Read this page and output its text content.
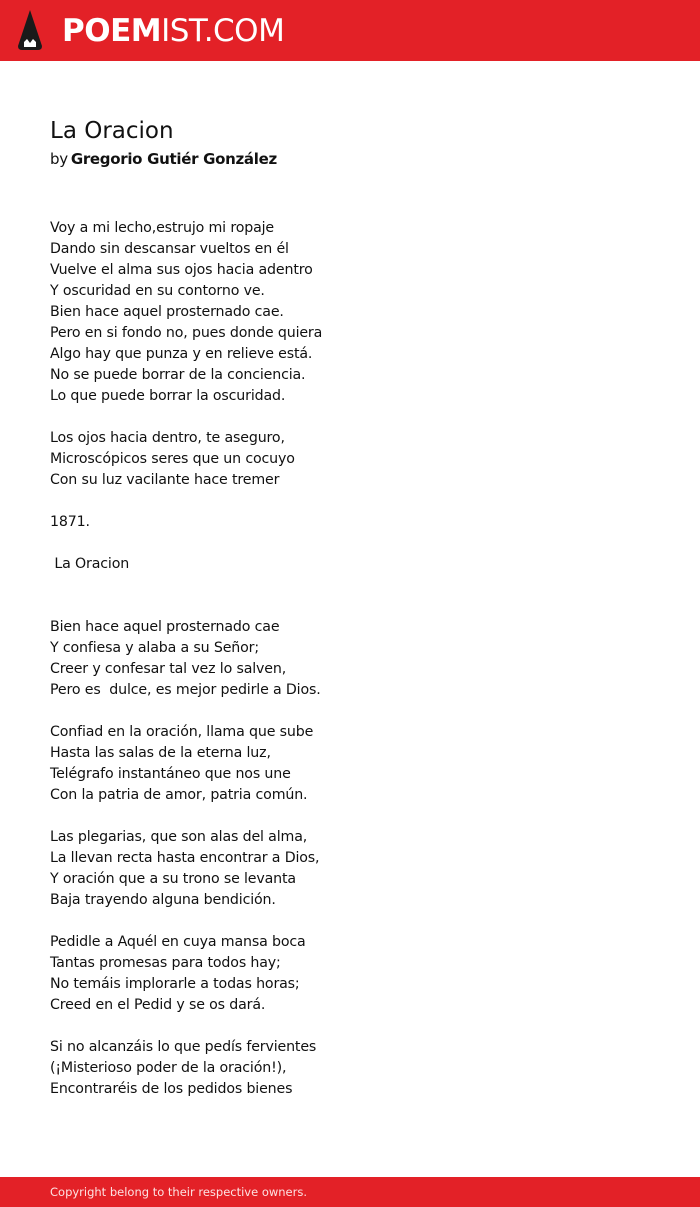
POEMIST.COM
La Oracion
by Gregorio Gutiér González
Voy a mi lecho,estrujo mi ropaje
Dando sin descansar vueltos en él
Vuelve el alma sus ojos hacia adentro
Y oscuridad en su contorno ve.
Bien hace aquel prosternado cae.
Pero en si fondo no, pues donde quiera
Algo hay que punza y en relieve está.
No se puede borrar de la conciencia.
Lo que puede borrar la oscuridad.
Los ojos hacia dentro, te aseguro,
Microscópicos seres que un cocuyo
Con su luz vacilante hace tremer
1871.
La Oracion
Bien hace aquel prosternado cae
Y confiesa y alaba a su Señor;
Creer y confesar tal vez lo salven,
Pero es  dulce, es mejor pedirle a Dios.
Confiad en la oración, llama que sube
Hasta las salas de la eterna luz,
Telégrafo instantáneo que nos une
Con la patria de amor, patria común.
Las plegarias, que son alas del alma,
La llevan recta hasta encontrar a Dios,
Y oración que a su trono se levanta
Baja trayendo alguna bendición.
Pedidle a Aquél en cuya mansa boca
Tantas promesas para todos hay;
No temáis implorarle a todas horas;
Creed en el Pedid y se os dará.
Si no alcanzáis lo que pedís fervientes
(¡Misterioso poder de la oración!),
Encontraréis de los pedidos bienes
Copyright belong to their respective owners.
